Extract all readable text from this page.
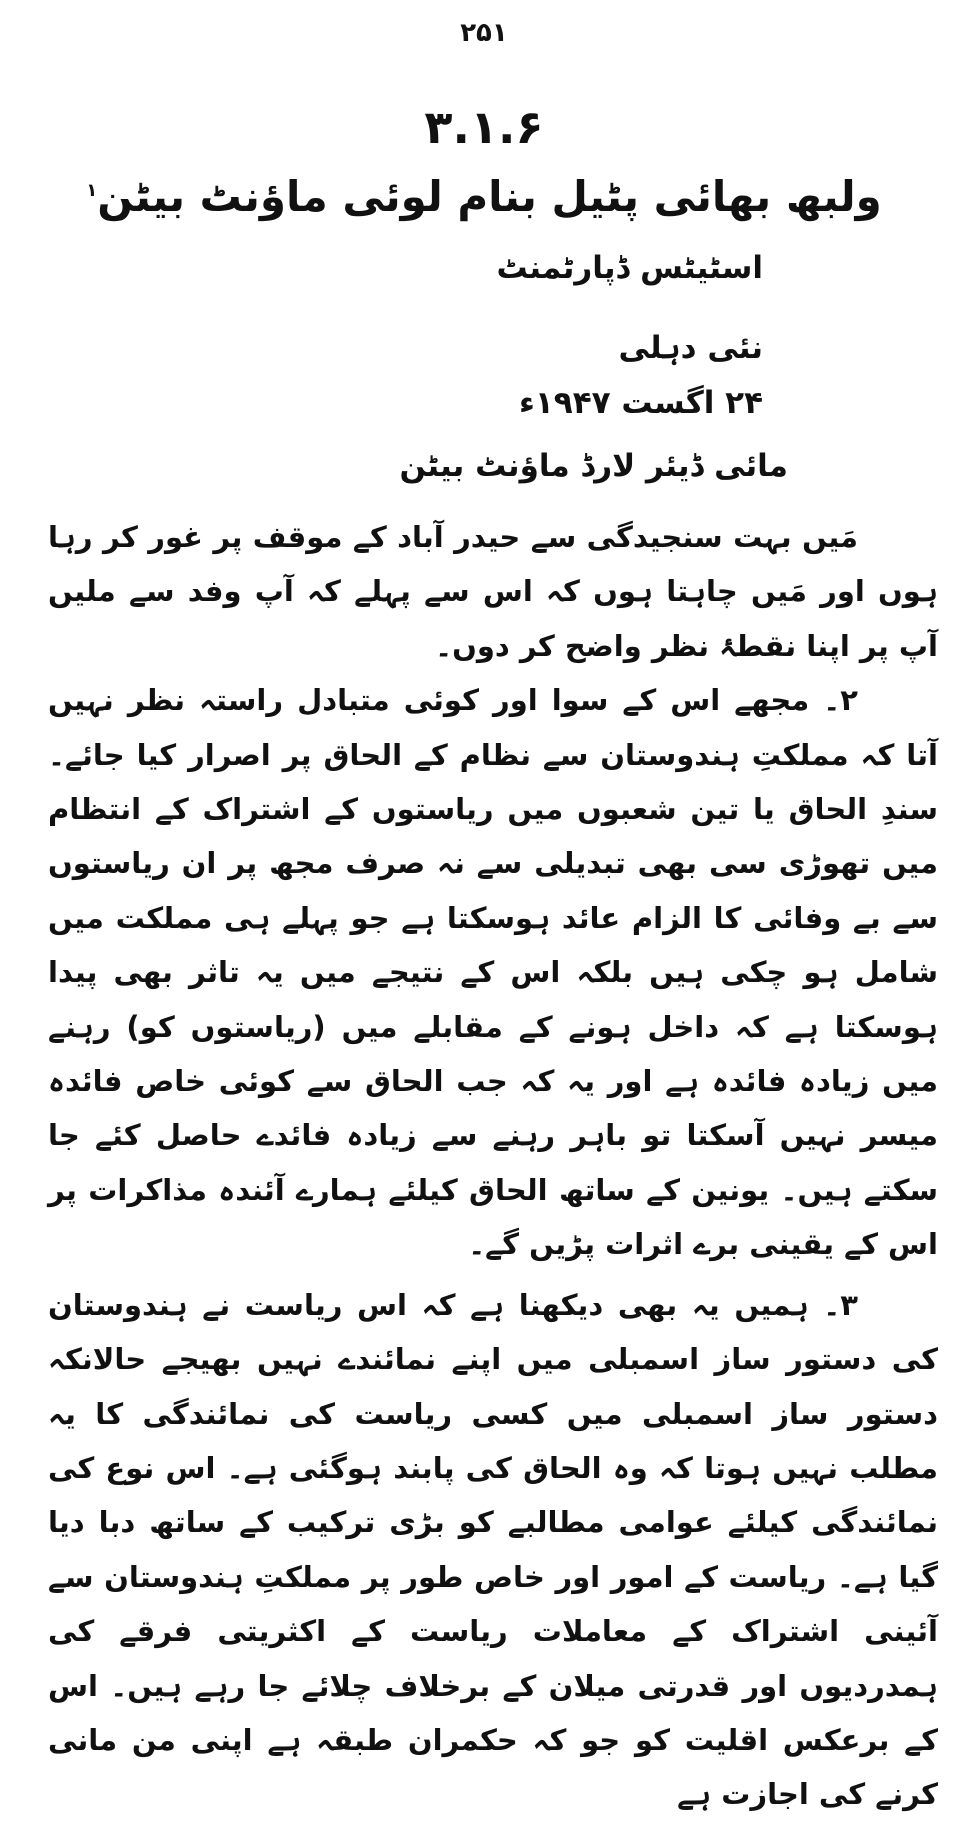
۲۵۱
۳.۱.۶
ولبھ بھائی پٹیل بنام لوئی ماؤنٹ بیٹن$^۱$
اسٹیٹس ڈپارٹمنٹ
نئی دہلی
۲۴ اگست ۱۹۴۷ء
مائی ڈیئر لارڈ ماؤنٹ بیٹن

مَیں بہت سنجیدگی سے حیدر آباد کے موقف پر غور کر رہا ہوں اور مَیں چاہتا ہوں کہ اس سے پہلے کہ آپ وفد سے ملیں آپ پر اپنا نقطۂ نظر واضح کر دوں۔

۲۔ مجھے اس کے سوا اور کوئی متبادل راستہ نظر نہیں آتا کہ مملکتِ ہندوستان سے نظام کے الحاق پر اصرار کیا جائے۔ سندِ الحاق یا تین شعبوں میں ریاستوں کے اشتراک کے انتظام میں تھوڑی سی بھی تبدیلی سے نہ صرف مجھ پر ان ریاستوں سے بے وفائی کا الزام عائد ہوسکتا ہے جو پہلے ہی مملکت میں شامل ہو چکی ہیں بلکہ اس کے نتیجے میں یہ تاثر بھی پیدا ہوسکتا ہے کہ داخل ہونے کے مقابلے میں (ریاستوں کو) رہنے میں زیادہ فائدہ ہے اور یہ کہ جب الحاق سے کوئی خاص فائدہ میسر نہیں آسکتا تو باہر رہنے سے زیادہ فائدے حاصل کئے جا سکتے ہیں۔ یونین کے ساتھ الحاق کیلئے ہمارے آئندہ مذاکرات پر اس کے یقینی برے اثرات پڑیں گے۔

۳۔ ہمیں یہ بھی دیکھنا ہے کہ اس ریاست نے ہندوستان کی دستور ساز اسمبلی میں اپنے نمائندے نہیں بھیجے حالانکہ دستور ساز اسمبلی میں کسی ریاست کی نمائندگی کا یہ مطلب نہیں ہوتا کہ وہ الحاق کی پابند ہوگئی ہے۔ اس نوع کی نمائندگی کیلئے عوامی مطالبے کو بڑی ترکیب کے ساتھ دبا دیا گیا ہے۔ ریاست کے امور اور خاص طور پر مملکتِ ہندوستان سے آئینی اشتراک کے معاملات ریاست کے اکثریتی فرقے کی ہمدردیوں اور قدرتی میلان کے برخلاف چلائے جا رہے ہیں۔ اس کے برعکس اقلیت کو جو کہ حکمران طبقہ ہے اپنی من مانی کرنے کی اجازت ہے
